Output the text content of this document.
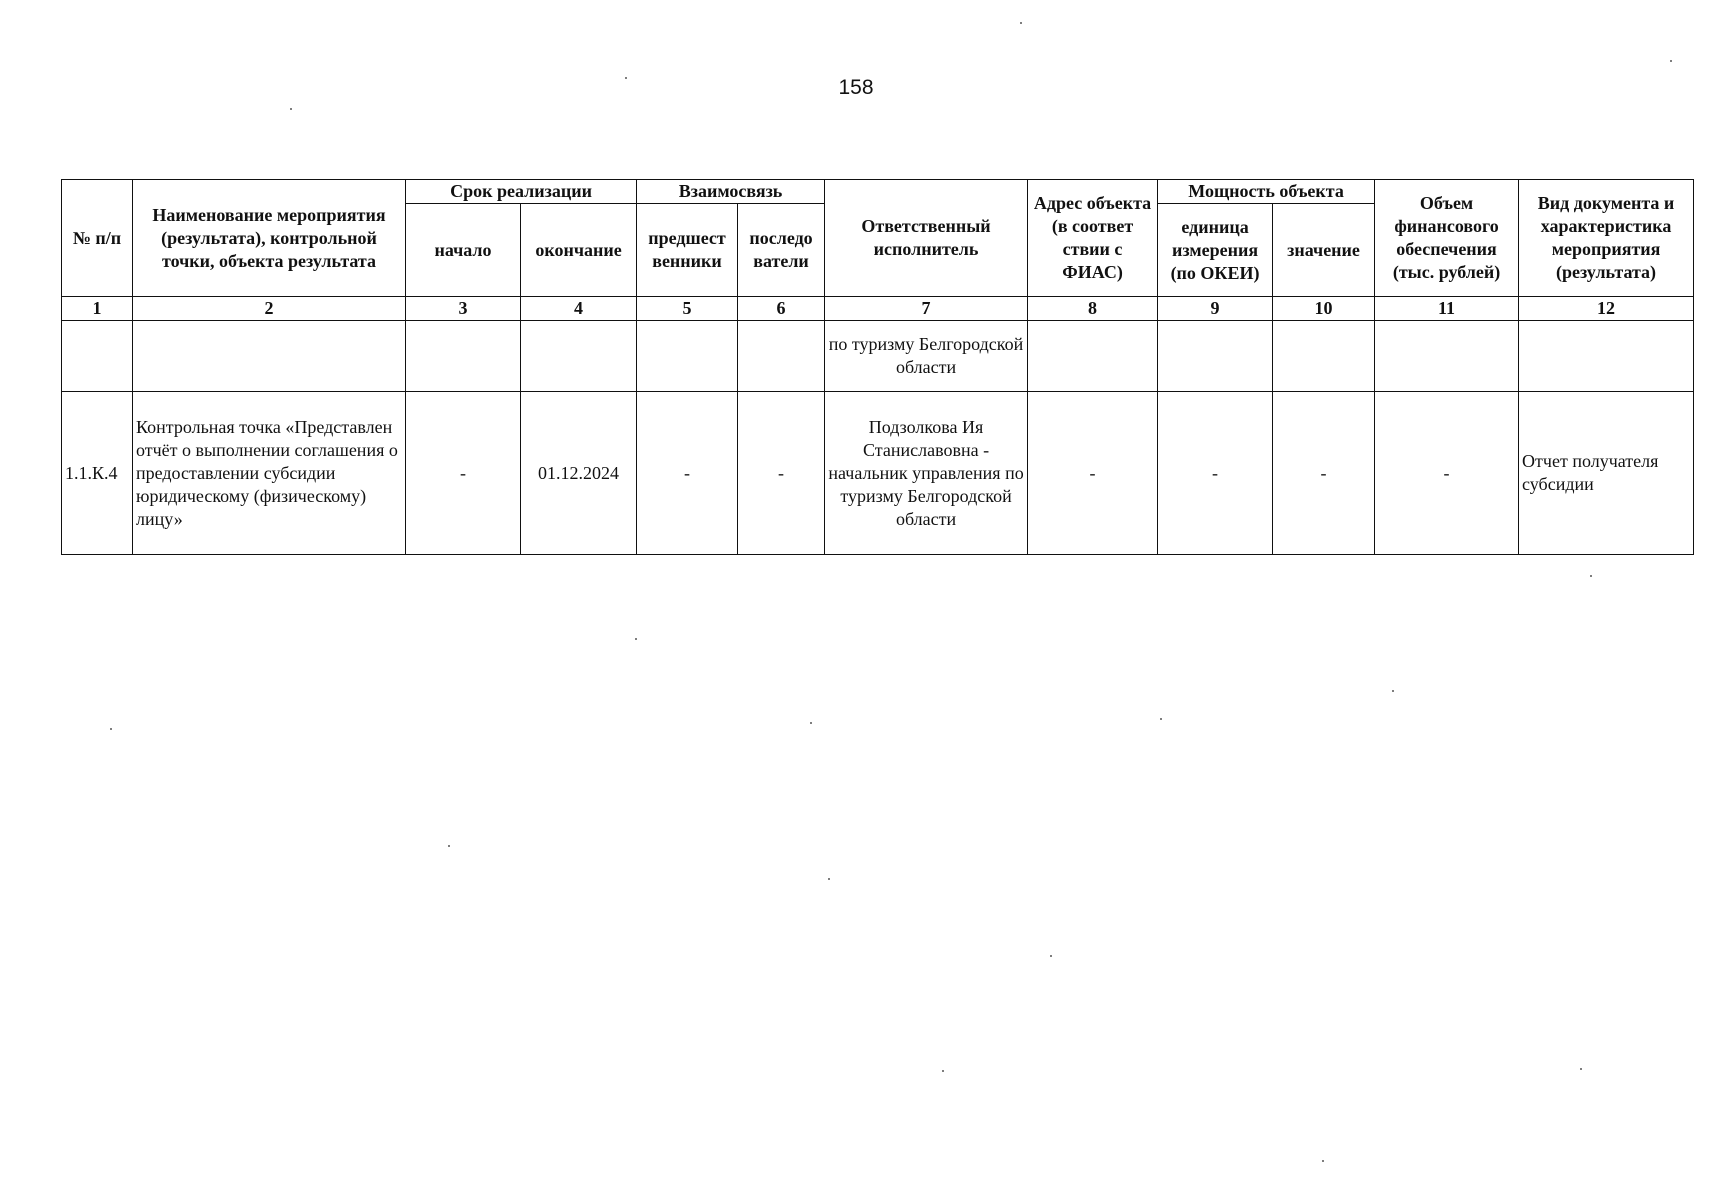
158
№ п/п	Наименование мероприятия (результата), контрольной точки, объекта результата	Срок реализации		Взаимосвязь		Ответственный исполнитель	Адрес объекта (в соответ ствии с ФИАС)	Мощность объекта		Объем финансового обеспечения (тыс. рублей)	Вид документа и характеристика мероприятия (результата)
		начало	окончание	предшест венники	последо ватели			единица измерения (по ОКЕИ)	значение		
1	2	3	4	5	6	7	8	9	10	11	12
						по туризму Белгородской области					
1.1.К.4	Контрольная точка «Представлен отчёт о выполнении соглашения о предоставлении субсидии юридическому (физическому) лицу»	-	01.12.2024	-	-	Подзолкова Ия Станиславовна - начальник управления по туризму Белгородской области	-	-	-	-	Отчет получателя субсидии
